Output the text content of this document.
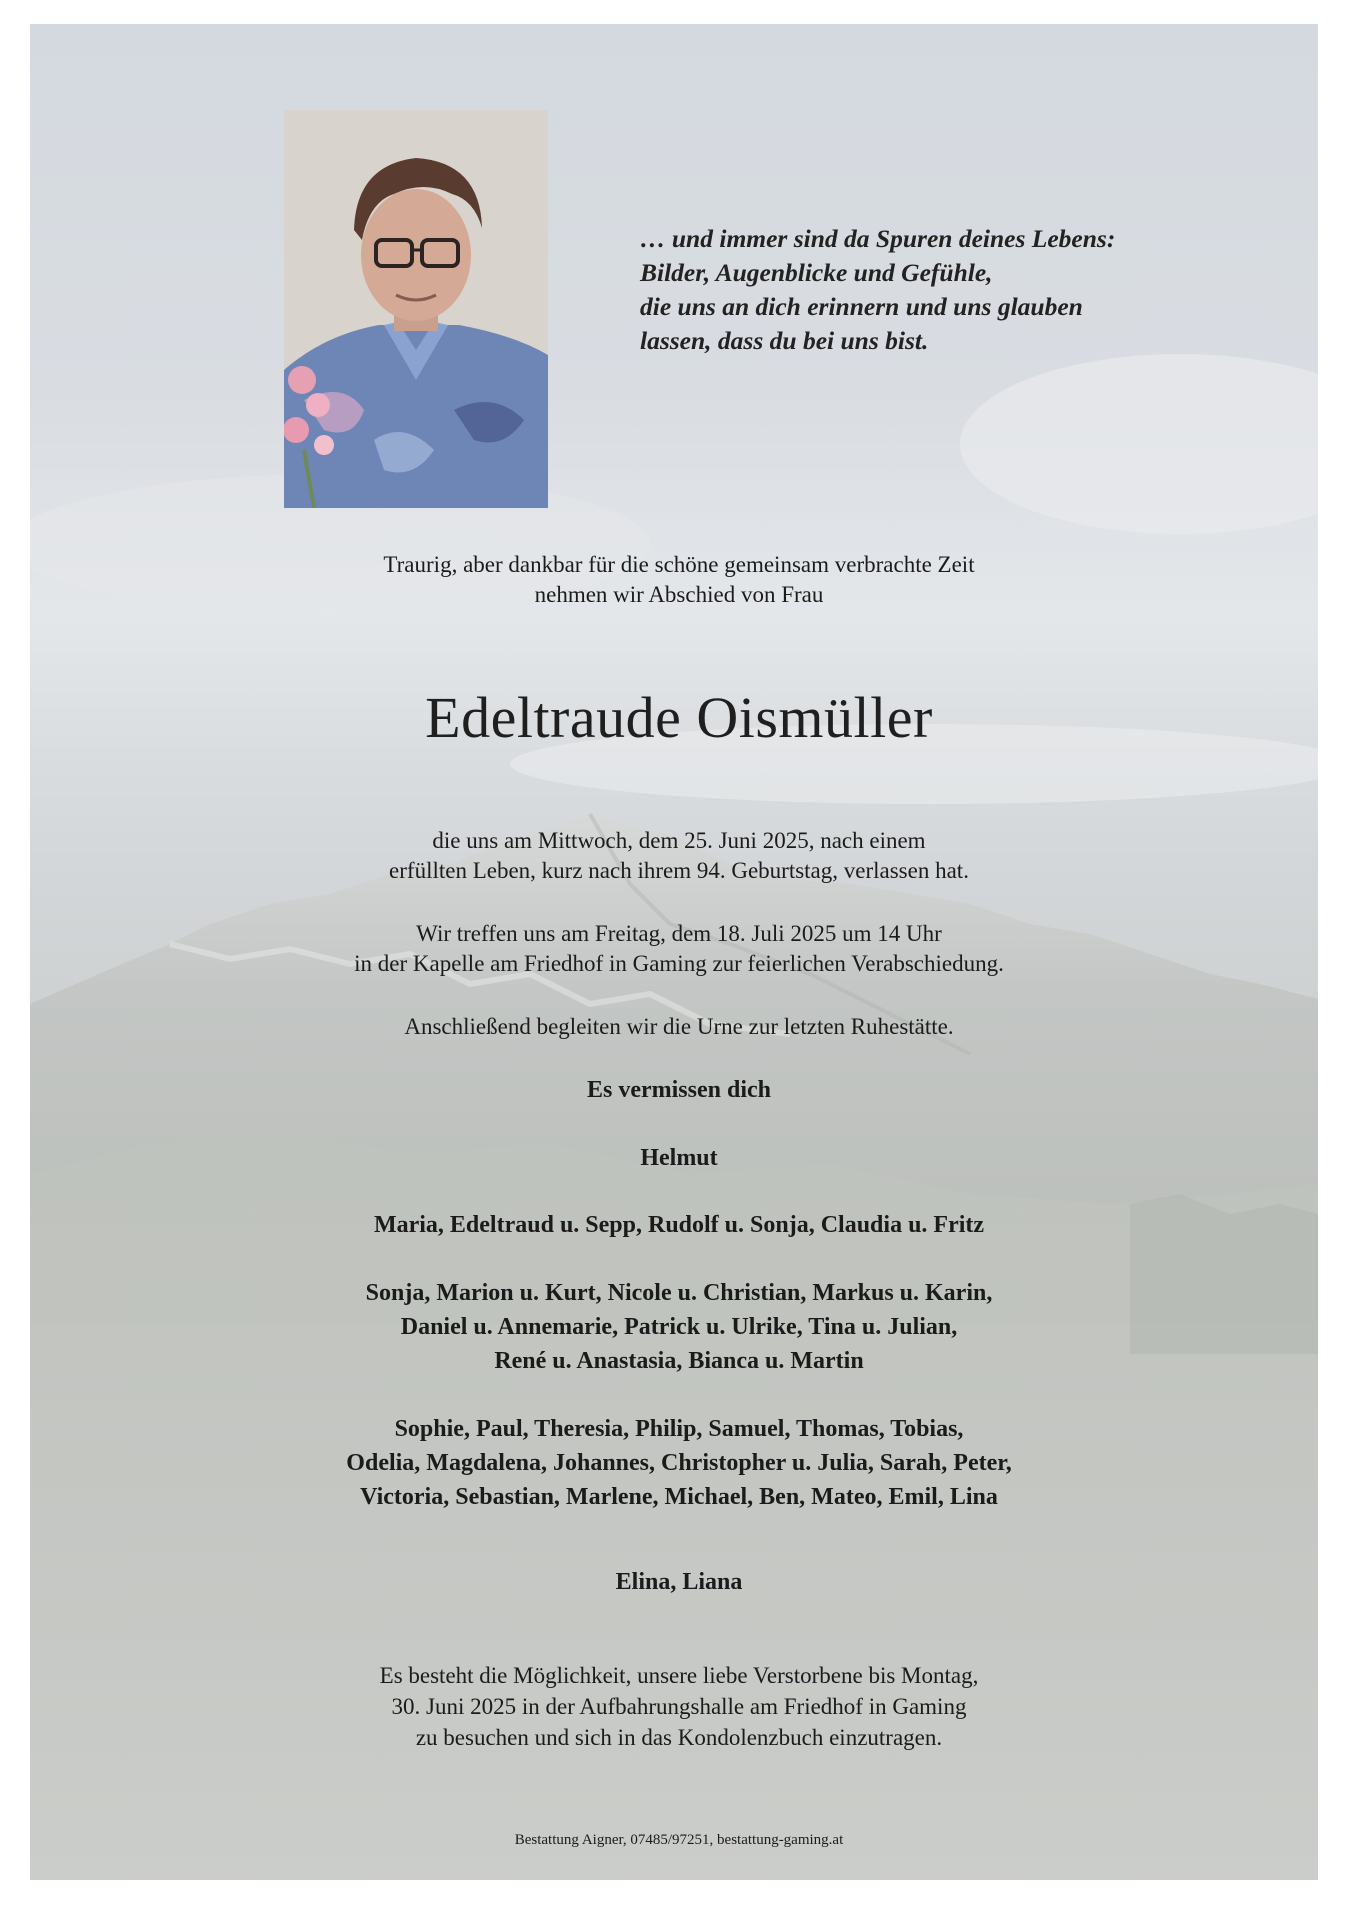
… und immer sind da Spuren deines Lebens:
Bilder, Augenblicke und Gefühle,
die uns an dich erinnern und uns glauben
lassen, dass du bei uns bist.
Traurig, aber dankbar für die schöne gemeinsam verbrachte Zeit
nehmen wir Abschied von Frau
Edeltraude Oismüller
die uns am Mittwoch, dem 25. Juni 2025, nach einem
erfüllten Leben, kurz nach ihrem 94. Geburtstag, verlassen hat.
Wir treffen uns am Freitag, dem 18. Juli 2025 um 14 Uhr
in der Kapelle am Friedhof in Gaming zur feierlichen Verabschiedung.
Anschließend begleiten wir die Urne zur letzten Ruhestätte.
Es vermissen dich
Helmut
Maria, Edeltraud u. Sepp, Rudolf u. Sonja, Claudia u. Fritz
Sonja, Marion u. Kurt, Nicole u. Christian, Markus u. Karin,
Daniel u. Annemarie, Patrick u. Ulrike, Tina u. Julian,
René u. Anastasia, Bianca u. Martin
Sophie, Paul, Theresia, Philip, Samuel, Thomas, Tobias,
Odelia, Magdalena, Johannes, Christopher u. Julia, Sarah, Peter,
Victoria, Sebastian, Marlene, Michael, Ben, Mateo, Emil, Lina
Elina, Liana
Es besteht die Möglichkeit, unsere liebe Verstorbene bis Montag,
30. Juni 2025 in der Aufbahrungshalle am Friedhof in Gaming
zu besuchen und sich in das Kondolenzbuch einzutragen.
Bestattung Aigner, 07485/97251, bestattung-gaming.at
